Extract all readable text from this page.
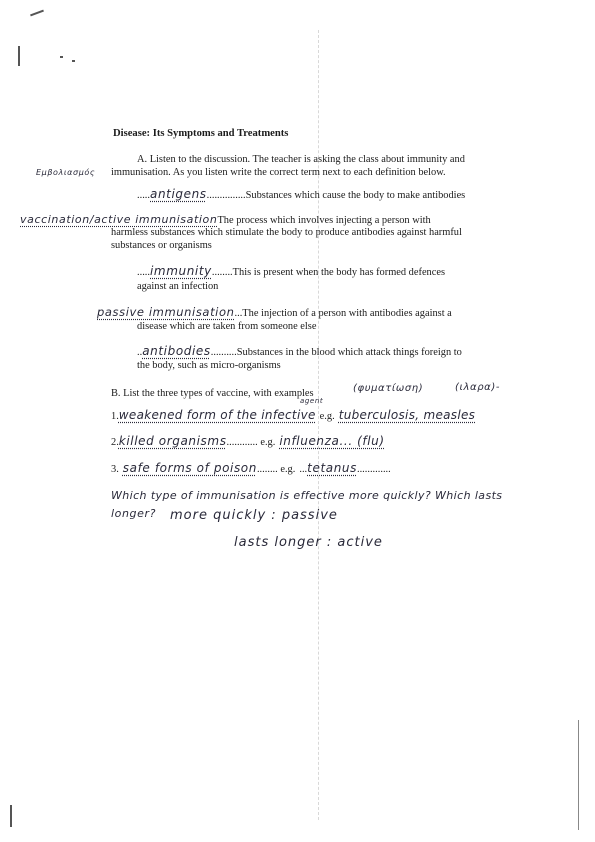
Disease: Its Symptoms and Treatments
A. Listen to the discussion. The teacher is asking the class about immunity and
Εμβολιασμός immunisation. As you listen write the correct term next to each definition below.
.....antigens...............Substances which cause the body to make antibodies
vaccination/active immunisationThe process which involves injecting a person with
harmless substances which stimulate the body to produce antibodies against harmful
substances or organisms
.....immunity........This is present when the body has formed defences
against an infection
passive immunisation...The injection of a person with antibodies against a
disease which are taken from someone else
..antibodies..........Substances in the blood which attack things foreign to
the body, such as micro-organisms
B. List the three types of vaccine, with examples	(φυματίωση)	(ιλαρα)-
agent
1.weakened form of the infective e.g. tuberculosis, measles
2.killed organisms............ e.g. influenza... (flu)
3. safe forms of poison........ e.g. ...tetanus.............
Which type of immunisation is effective more quickly? Which lasts
longer? more quickly : passive
lasts longer : active
